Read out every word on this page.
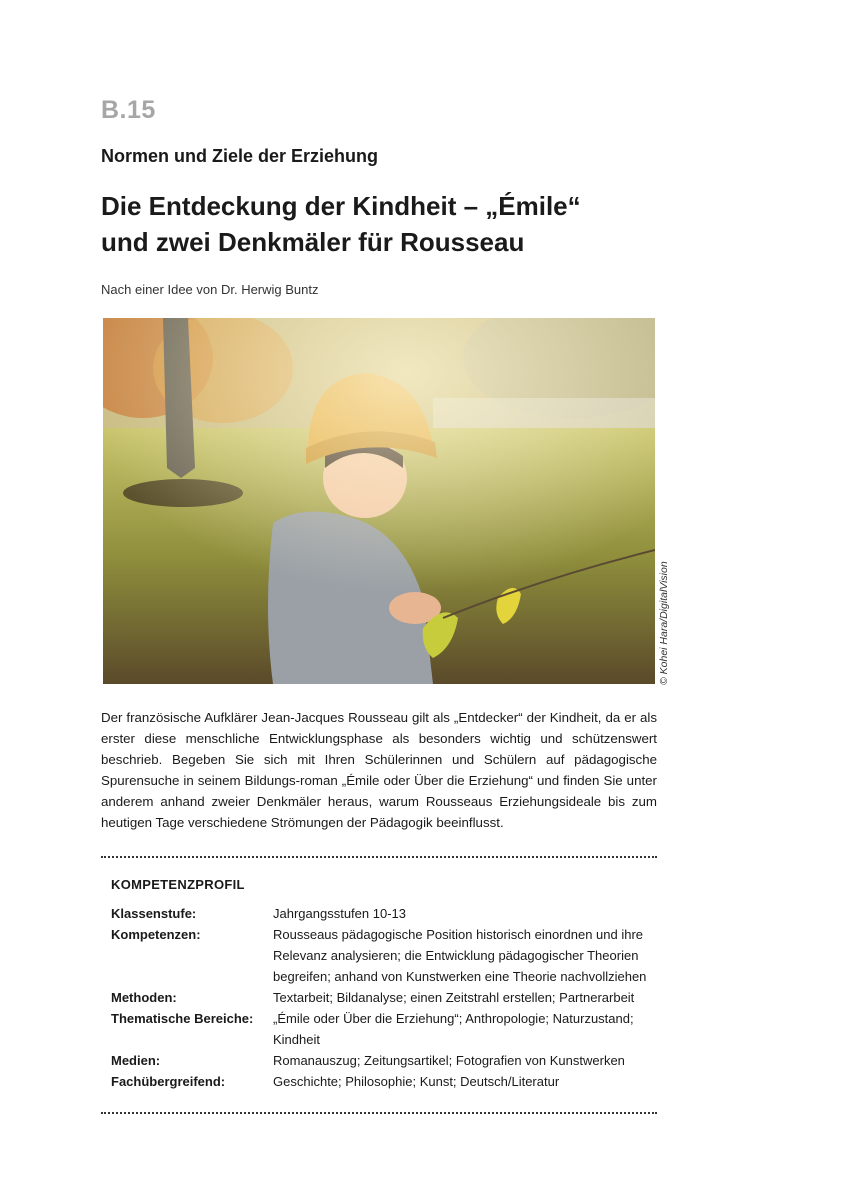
B.15
Normen und Ziele der Erziehung
Die Entdeckung der Kindheit – „Émile“
und zwei Denkmäler für Rousseau
Nach einer Idee von Dr. Herwig Buntz
© Kohei Hara/DigitalVision
Der französische Aufklärer Jean-Jacques Rousseau gilt als „Entdecker“ der Kindheit, da er als erster diese menschliche Entwicklungsphase als besonders wichtig und schützenswert beschrieb. Begeben Sie sich mit Ihren Schülerinnen und Schülern auf pädagogische Spurensuche in seinem Bildungs-roman „Émile oder Über die Erziehung“ und finden Sie unter anderem anhand zweier Denkmäler heraus, warum Rousseaus Erziehungsideale bis zum heutigen Tage verschiedene Strömungen der Pädagogik beeinflusst.
KOMPETENZPROFIL
Klassenstufe:	Jahrgangsstufen 10-13
Kompetenzen:	Rousseaus pädagogische Position historisch einordnen und ihre Relevanz analysieren; die Entwicklung pädagogischer Theorien begreifen; anhand von Kunstwerken eine Theorie nachvollziehen
Methoden:	Textarbeit; Bildanalyse; einen Zeitstrahl erstellen; Partnerarbeit
Thematische Bereiche:	„Émile oder Über die Erziehung“; Anthropologie; Naturzustand; Kindheit
Medien:	Romanauszug; Zeitungsartikel; Fotografien von Kunstwerken
Fachübergreifend:	Geschichte; Philosophie; Kunst; Deutsch/Literatur
